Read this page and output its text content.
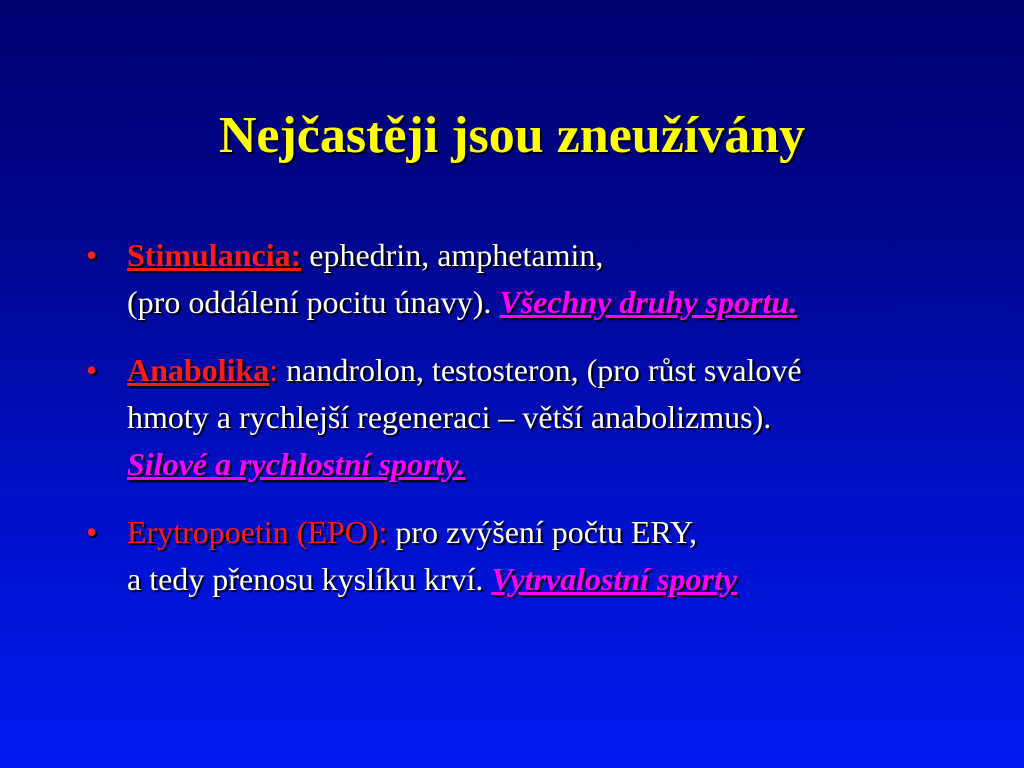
Nejčastěji jsou zneužívány
• Stimulancia: ephedrin, amphetamin,
(pro oddálení pocitu únavy). Všechny druhy sportu.
• Anabolika: nandrolon, testosteron, (pro růst svalové
hmoty a rychlejší regeneraci – větší anabolizmus).
Silové a rychlostní sporty.
• Erytropoetin (EPO): pro zvýšení počtu ERY,
a tedy přenosu kyslíku krví. Vytrvalostní sporty
